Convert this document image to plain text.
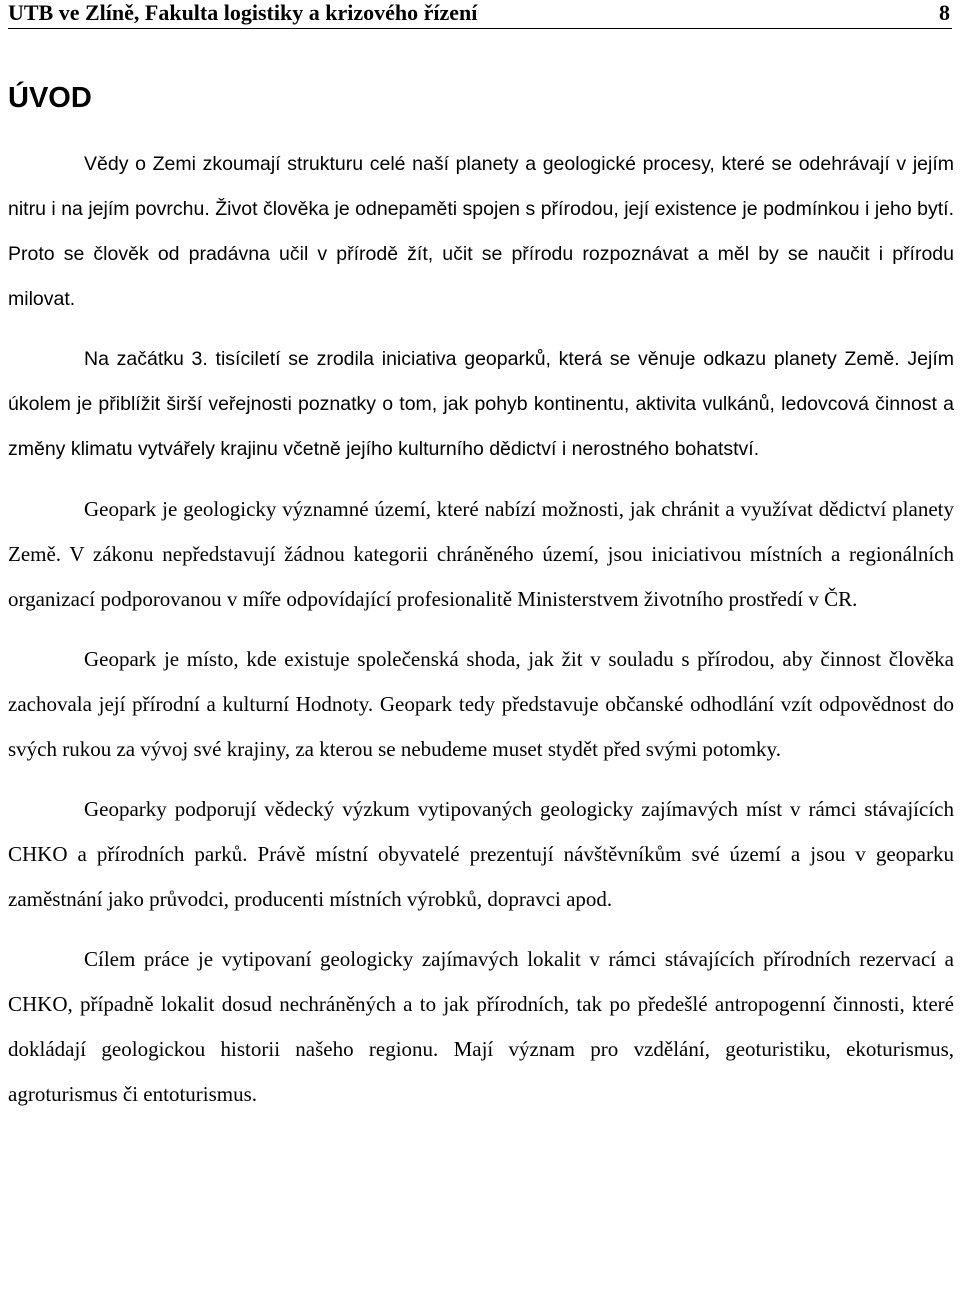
UTB ve Zlíně, Fakulta logistiky a krizového řízení	8
ÚVOD

Vědy o Zemi zkoumají strukturu celé naší planety a geologické procesy, které se odehrávají v jejím nitru i na jejím povrchu. Život člověka je odnepaměti spojen s přírodou, její existence je podmínkou i jeho bytí. Proto se člověk od pradávna učil v přírodě žít, učit se přírodu rozpoznávat a měl by se naučit i přírodu milovat.

Na začátku 3. tisíciletí se zrodila iniciativa geoparků, která se věnuje odkazu planety Země. Jejím úkolem je přiblížit širší veřejnosti poznatky o tom, jak pohyb kontinentu, aktivita vulkánů, ledovcová činnost a změny klimatu vytvářely krajinu včetně jejího kulturního dědictví i nerostného bohatství.

Geopark je geologicky významné území, které nabízí možnosti, jak chránit a využívat dědictví planety Země. V zákonu nepředstavují žádnou kategorii chráněného území, jsou iniciativou místních a regionálních organizací podporovanou v míře odpovídající profesionalitě Ministerstvem životního prostředí v ČR.

Geopark je místo, kde existuje společenská shoda, jak žit v souladu s přírodou, aby činnost člověka zachovala její přírodní a kulturní Hodnoty. Geopark tedy představuje občanské odhodlání vzít odpovědnost do svých rukou za vývoj své krajiny, za kterou se nebudeme muset stydět před svými potomky.

Geoparky podporují vědecký výzkum vytipovaných geologicky zajímavých míst v rámci stávajících CHKO a přírodních parků. Právě místní obyvatelé prezentují návštěvníkům své území a jsou v geoparku zaměstnání jako průvodci, producenti místních výrobků, dopravci apod.

Cílem práce je vytipovaní geologicky zajímavých lokalit v rámci stávajících přírodních rezervací a CHKO, případně lokalit dosud nechráněných a to jak přírodních, tak po předešlé antropogenní činnosti, které dokládají geologickou historii našeho regionu. Mají význam pro vzdělání, geoturistiku, ekoturismus, agroturismus či entoturismus.
